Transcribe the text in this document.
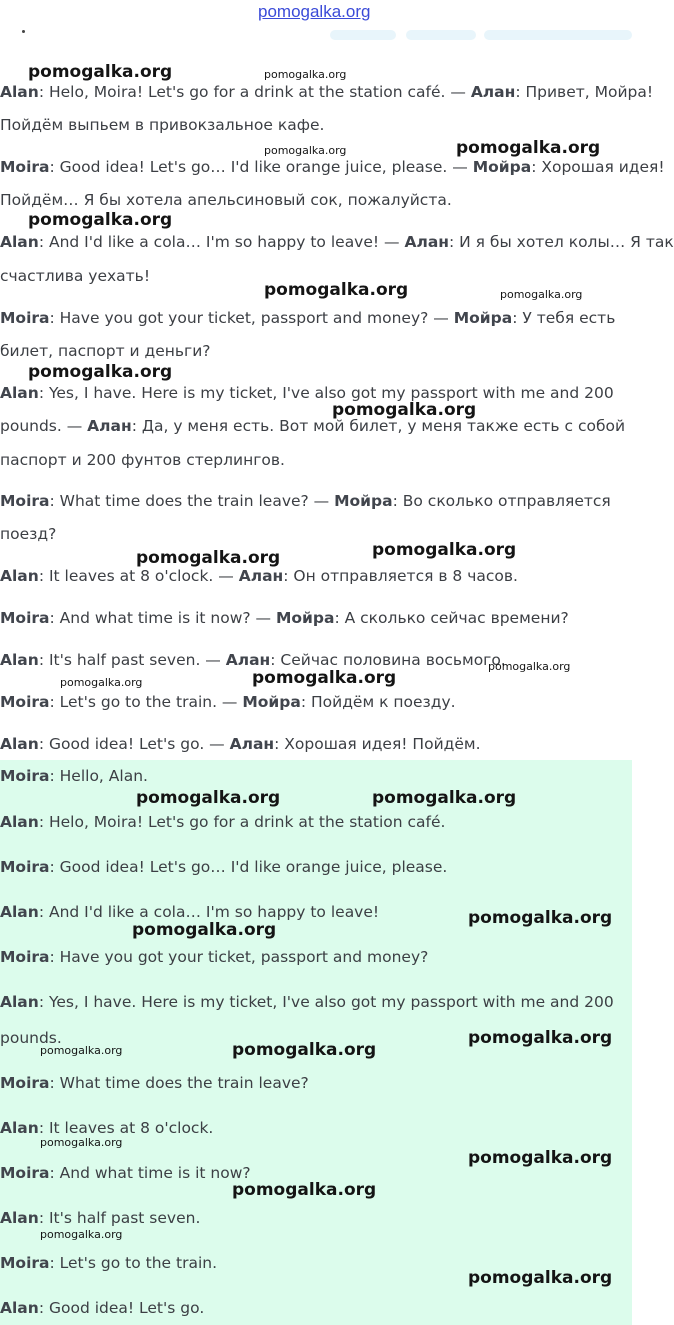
pomogalka.org
Alan: Helo, Moira! Let's go for a drink at the station café. — Алан: Привет, Мойра!
Пойдём выпьем в привокзальное кафе.
Moira: Good idea! Let's go… I'd like orange juice, please. — Мойра: Хорошая идея!
Пойдём… Я бы хотела апельсиновый сок, пожалуйста.
Alan: And I'd like a cola… I'm so happy to leave! — Алан: И я бы хотел колы… Я так
счастлива уехать!
Moira: Have you got your ticket, passport and money? — Мойра: У тебя есть
билет, паспорт и деньги?
Alan: Yes, I have. Here is my ticket, I've also got my passport with me and 200
pounds. — Алан: Да, у меня есть. Вот мой билет, у меня также есть с собой
паспорт и 200 фунтов стерлингов.
Moira: What time does the train leave? — Мойра: Во сколько отправляется
поезд?
Alan: It leaves at 8 o'clock. — Алан: Он отправляется в 8 часов.
Moira: And what time is it now? — Мойра: А сколько сейчас времени?
Alan: It's half past seven. — Алан: Сейчас половина восьмого.
Moira: Let's go to the train. — Мойра: Пойдём к поезду.
Alan: Good idea! Let's go. — Алан: Хорошая идея! Пойдём.
Moira: Hello, Alan.
Alan: Helo, Moira! Let's go for a drink at the station café.
Moira: Good idea! Let's go… I'd like orange juice, please.
Alan: And I'd like a cola… I'm so happy to leave!
Moira: Have you got your ticket, passport and money?
Alan: Yes, I have. Here is my ticket, I've also got my passport with me and 200
pounds.
Moira: What time does the train leave?
Alan: It leaves at 8 o'clock.
Moira: And what time is it now?
Alan: It's half past seven.
Moira: Let's go to the train.
Alan: Good idea! Let's go.
pomogalka.org	pomogalka.org
pomogalka.org	pomogalka.org
pomogalka.org
pomogalka.org	pomogalka.org
pomogalka.org
pomogalka.org
pomogalka.org	pomogalka.org
pomogalka.org
pomogalka.org	pomogalka.org
pomogalka.org	pomogalka.org
pomogalka.org
pomogalka.org
pomogalka.org
pomogalka.org	pomogalka.org
pomogalka.org
pomogalka.org
pomogalka.org
pomogalka.org
pomogalka.org
